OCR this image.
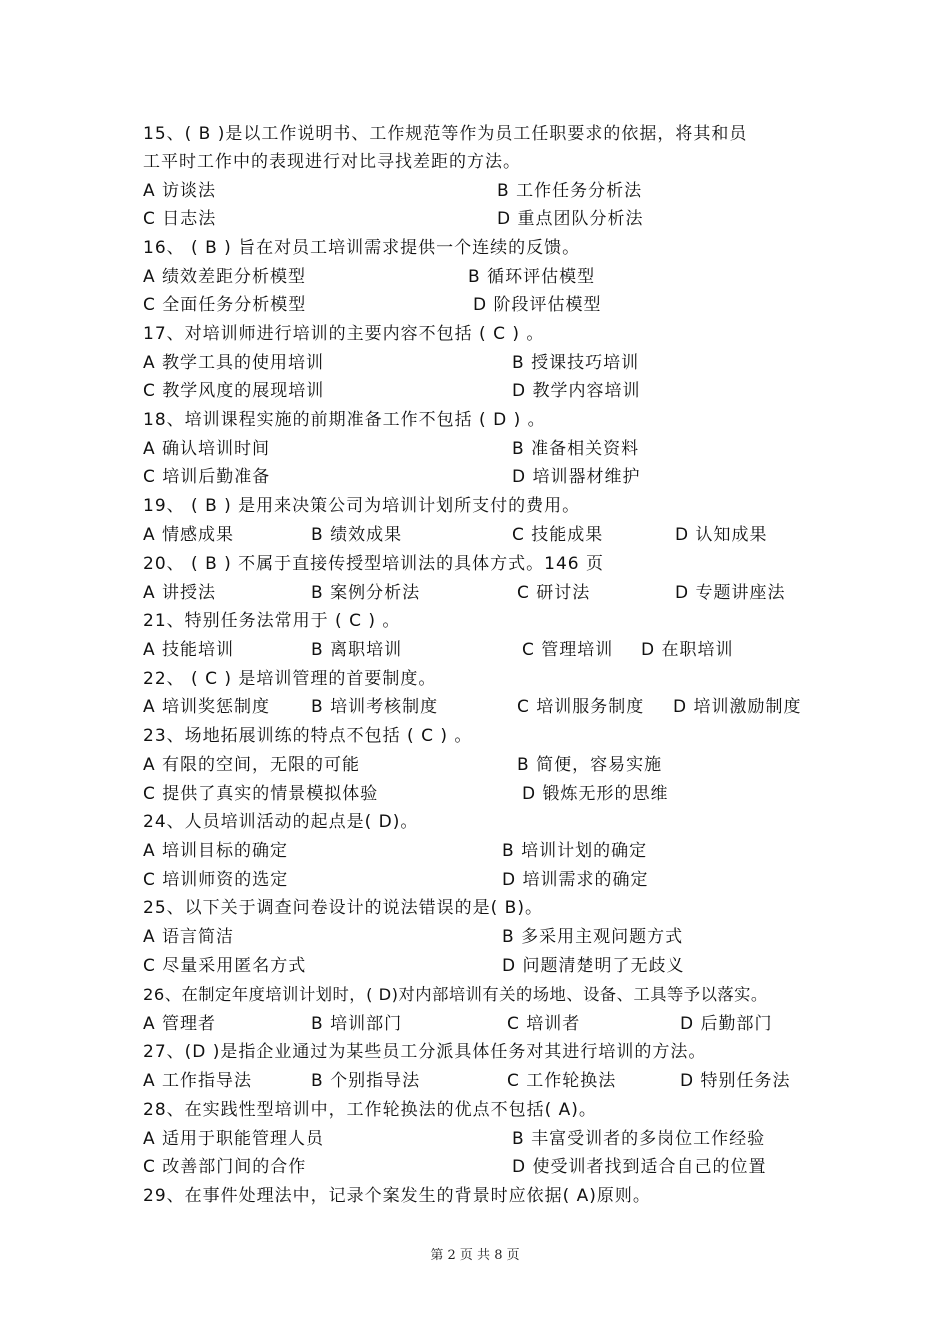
15、( B )是以工作说明书、工作规范等作为员工任职要求的依据，将其和员
工平时工作中的表现进行对比寻找差距的方法。
A 访谈法	B 工作任务分析法
C 日志法	D 重点团队分析法
16、 ( B ) 旨在对员工培训需求提供一个连续的反馈。
A 绩效差距分析模型	B 循环评估模型
C 全面任务分析模型	D 阶段评估模型
17、对培训师进行培训的主要内容不包括 ( C ) 。
A 教学工具的使用培训	B 授课技巧培训
C 教学风度的展现培训	D 教学内容培训
18、培训课程实施的前期准备工作不包括 ( D ) 。
A 确认培训时间	B 准备相关资料
C 培训后勤准备	D 培训器材维护
19、 ( B ) 是用来决策公司为培训计划所支付的费用。
A 情感成果	B 绩效成果	C 技能成果	D 认知成果
20、 ( B ) 不属于直接传授型培训法的具体方式。146 页
A 讲授法	B 案例分析法	C 研讨法	D 专题讲座法
21、特别任务法常用于 ( C ) 。
A 技能培训	B 离职培训	C 管理培训 D 在职培训
22、 ( C ) 是培训管理的首要制度。
A 培训奖惩制度 B 培训考核制度	C 培训服务制度 D 培训激励制度
23、场地拓展训练的特点不包括 ( C ) 。
A 有限的空间，无限的可能	B 简便，容易实施
C 提供了真实的情景模拟体验	D 锻炼无形的思维
24、人员培训活动的起点是( D)。
A 培训目标的确定	B 培训计划的确定
C 培训师资的选定	D 培训需求的确定
25、以下关于调查问卷设计的说法错误的是( B)。
A 语言简洁	B 多采用主观问题方式
C 尽量采用匿名方式	D 问题清楚明了无歧义
26、在制定年度培训计划时，( D)对内部培训有关的场地、设备、工具等予以落实。
A 管理者	B 培训部门	C 培训者	D 后勤部门
27、(D )是指企业通过为某些员工分派具体任务对其进行培训的方法。
A 工作指导法	B 个别指导法	C 工作轮换法	D 特别任务法
28、在实践性型培训中，工作轮换法的优点不包括( A)。
A 适用于职能管理人员	B 丰富受训者的多岗位工作经验
C 改善部门间的合作	D 使受训者找到适合自己的位置
29、在事件处理法中，记录个案发生的背景时应依据( A)原则。
第 2 页 共 8 页
